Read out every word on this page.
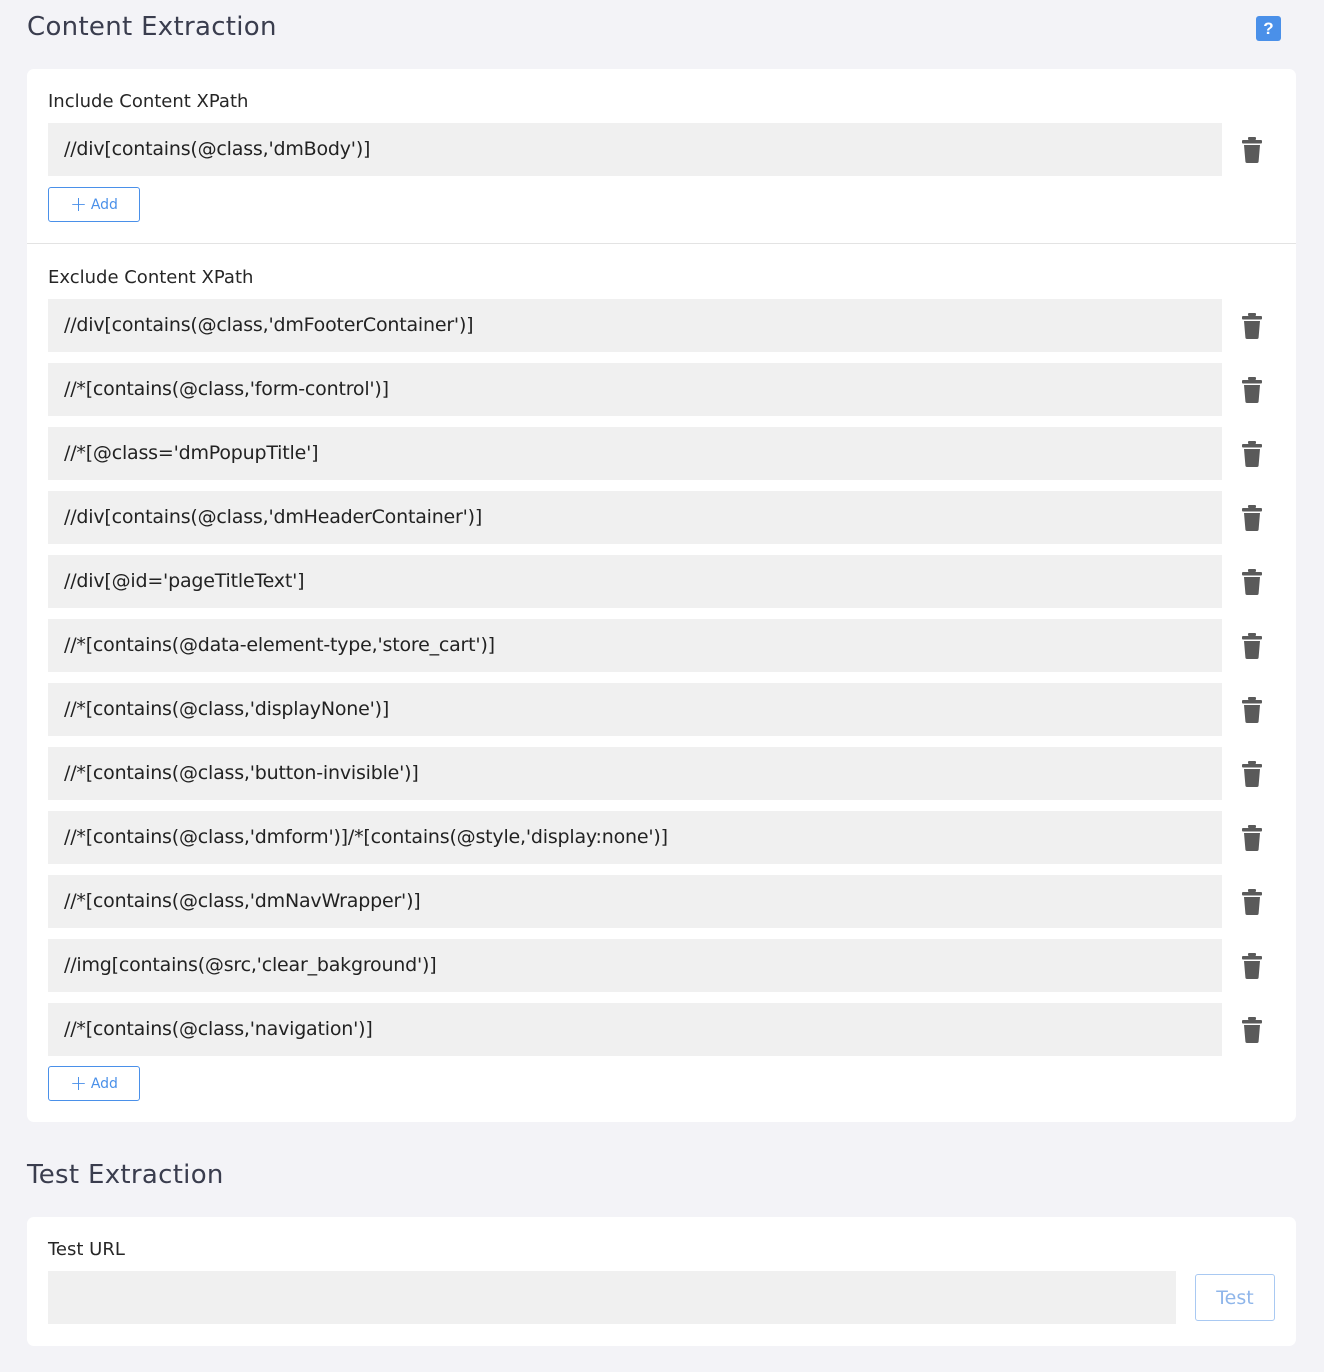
Content Extraction	?
Include Content XPath
//div[contains(@class,'dmBody')]
+ Add
Exclude Content XPath
//div[contains(@class,'dmFooterContainer')]
//*[contains(@class,'form-control')]
//*[@class='dmPopupTitle']
//div[contains(@class,'dmHeaderContainer')]
//div[@id='pageTitleText']
//*[contains(@data-element-type,'store_cart')]
//*[contains(@class,'displayNone')]
//*[contains(@class,'button-invisible')]
//*[contains(@class,'dmform')]/*[contains(@style,'display:none')]
//*[contains(@class,'dmNavWrapper')]
//img[contains(@src,'clear_bakground')]
//*[contains(@class,'navigation')]
+ Add
Test Extraction
Test URL
Test
